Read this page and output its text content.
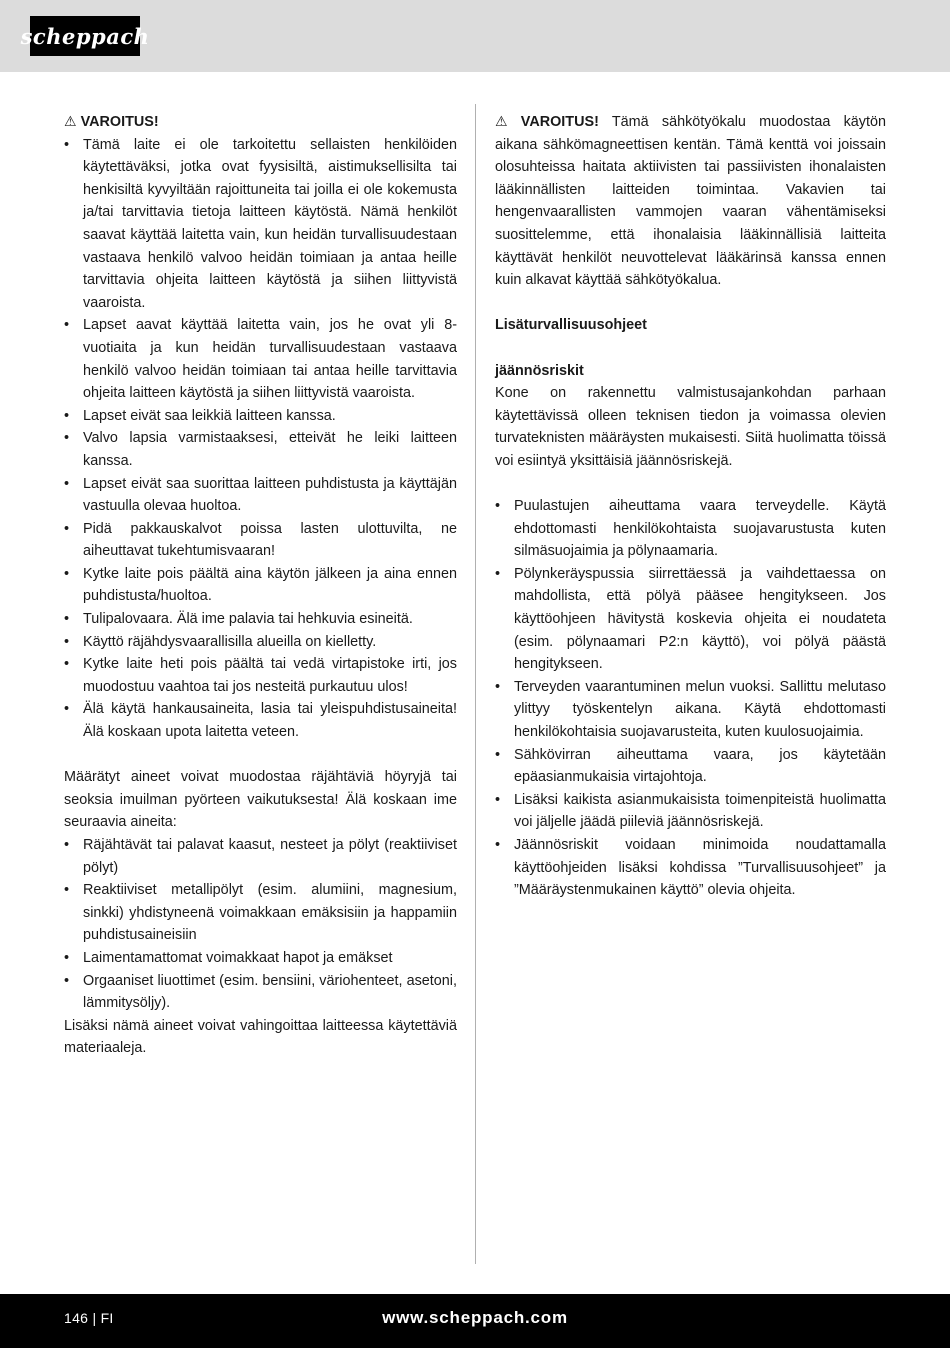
scheppach

⚠ VAROITUS!

• Tämä laite ei ole tarkoitettu sellaisten henkilöiden käytettäväksi, jotka ovat fyysisiltä, aistimuksellisilta tai henkisiltä kyvyiltään rajoittuneita tai joilla ei ole kokemusta ja/tai tarvittavia tietoja laitteen käytöstä. Nämä henkilöt saavat käyttää laitetta vain, kun heidän turvallisuudestaan vastaava henkilö valvoo heidän toimiaan ja antaa heille tarvittavia ohjeita laitteen käytöstä ja siihen liittyvistä vaaroista.
• Lapset aavat käyttää laitetta vain, jos he ovat yli 8-vuotiaita ja kun heidän turvallisuudestaan vastaava henkilö valvoo heidän toimiaan tai antaa heille tarvittavia ohjeita laitteen käytöstä ja siihen liittyvistä vaaroista.
• Lapset eivät saa leikkiä laitteen kanssa.
• Valvo lapsia varmistaaksesi, etteivät he leiki laitteen kanssa.
• Lapset eivät saa suorittaa laitteen puhdistusta ja käyttäjän vastuulla olevaa huoltoa.
• Pidä pakkauskalvot poissa lasten ulottuvilta, ne aiheuttavat tukehtumisvaaran!
• Kytke laite pois päältä aina käytön jälkeen ja aina ennen puhdistusta/huoltoa.
• Tulipalovaara. Älä ime palavia tai hehkuvia esineitä.
• Käyttö räjähdysvaarallisilla alueilla on kielletty.
• Kytke laite heti pois päältä tai vedä virtapistoke irti, jos muodostuu vaahtoa tai jos nesteitä purkautuu ulos!
• Älä käytä hankausaineita, lasia tai yleispuhdistusaineita! Älä koskaan upota laitetta veteen.

Määrätyt aineet voivat muodostaa räjähtäviä höyryjä tai seoksia imuilman pyörteen vaikutuksesta! Älä koskaan ime seuraavia aineita:

• Räjähtävät tai palavat kaasut, nesteet ja pölyt (reaktiiviset pölyt)
• Reaktiiviset metallipölyt (esim. alumiini, magnesium, sinkki) yhdistyneenä voimakkaan emäksisiin ja happamiin puhdistusaineisiin
• Laimentamattomat voimakkaat hapot ja emäkset
• Orgaaniset liuottimet (esim. bensiini, väriohenteet, asetoni, lämmitysöljy).

Lisäksi nämä aineet voivat vahingoittaa laitteessa käytettäviä materiaaleja.

⚠ VAROITUS! Tämä sähkötyökalu muodostaa käytön aikana sähkömagneettisen kentän. Tämä kenttä voi joissain olosuhteissa haitata aktiivisten tai passiivisten ihonalaisten lääkinnällisten laitteiden toimintaa. Vakavien tai hengenvaarallisten vammojen vaaran vähentämiseksi suosittelemme, että ihonalaisia lääkinnällisiä laitteita käyttävät henkilöt neuvottelevat lääkärinsä kanssa ennen kuin alkavat käyttää sähkötyökalua.

Lisäturvallisuusohjeet

jäännösriskit

Kone on rakennettu valmistusajankohdan parhaan käytettävissä olleen teknisen tiedon ja voimassa olevien turvateknisten määräysten mukaisesti. Siitä huolimatta töissä voi esiintyä yksittäisiä jäännösriskejä.

• Puulastujen aiheuttama vaara terveydelle. Käytä ehdottomasti henkilökohtaista suojavarustusta kuten silmäsuojaimia ja pölynaamaria.
• Pölynkeräyspussia siirrettäessä ja vaihdettaessa on mahdollista, että pölyä pääsee hengitykseen. Jos käyttöohjeen hävitystä koskevia ohjeita ei noudateta (esim. pölynaamari P2:n käyttö), voi pölyä päästä hengitykseen.
• Terveyden vaarantuminen melun vuoksi. Sallittu melutaso ylittyy työskentelyn aikana. Käytä ehdottomasti henkilökohtaisia suojavarusteita, kuten kuulosuojaimia.
• Sähkövirran aiheuttama vaara, jos käytetään epäasianmukaisia virtajohtoja.
• Lisäksi kaikista asianmukaisista toimenpiteistä huolimatta voi jäljelle jäädä piileviä jäännösriskejä.
• Jäännösriskit voidaan minimoida noudattamalla käyttöohjeiden lisäksi kohdissa ”Turvallisuusohjeet” ja ”Määräystenmukainen käyttö” olevia ohjeita.
146 | FI	www.scheppach.com
